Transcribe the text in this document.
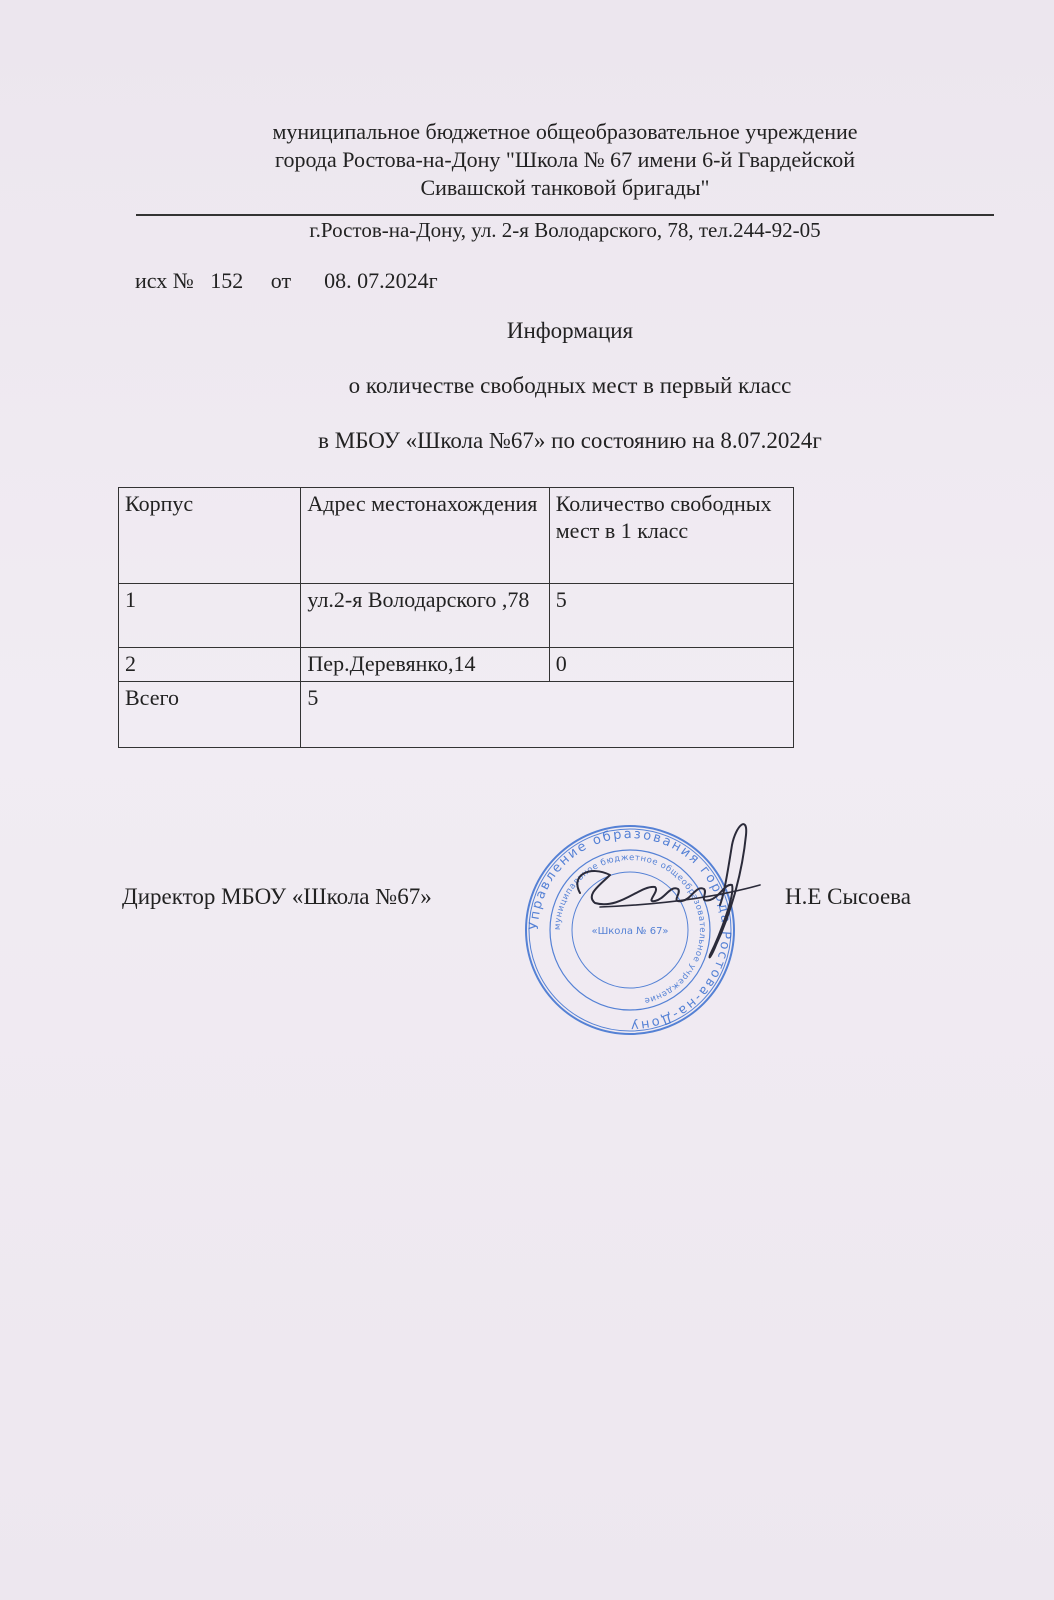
муниципальное бюджетное общеобразовательное учреждение
города Ростова-на-Дону "Школа № 67 имени 6-й Гвардейской
Сивашской танковой бригады"
г.Ростов-на-Дону, ул. 2-я Володарского, 78, тел.244-92-05
исх № 152 от 08. 07.2024г
Информация
о количестве свободных мест в первый класс
в МБОУ «Школа №67» по состоянию на 8.07.2024г
Корпус	Адрес местонахождения	Количество свободных мест в 1 класс
1	ул.2-я Володарского ,78	5
2	Пер.Деревянко,14	0
Всего	5	
Директор МБОУ «Школа №67»	Н.Е Сысоева
Управление образования города Ростова-на-Дону
муниципальное бюджетное общеобразовательное учреждение
«Школа № 67»
